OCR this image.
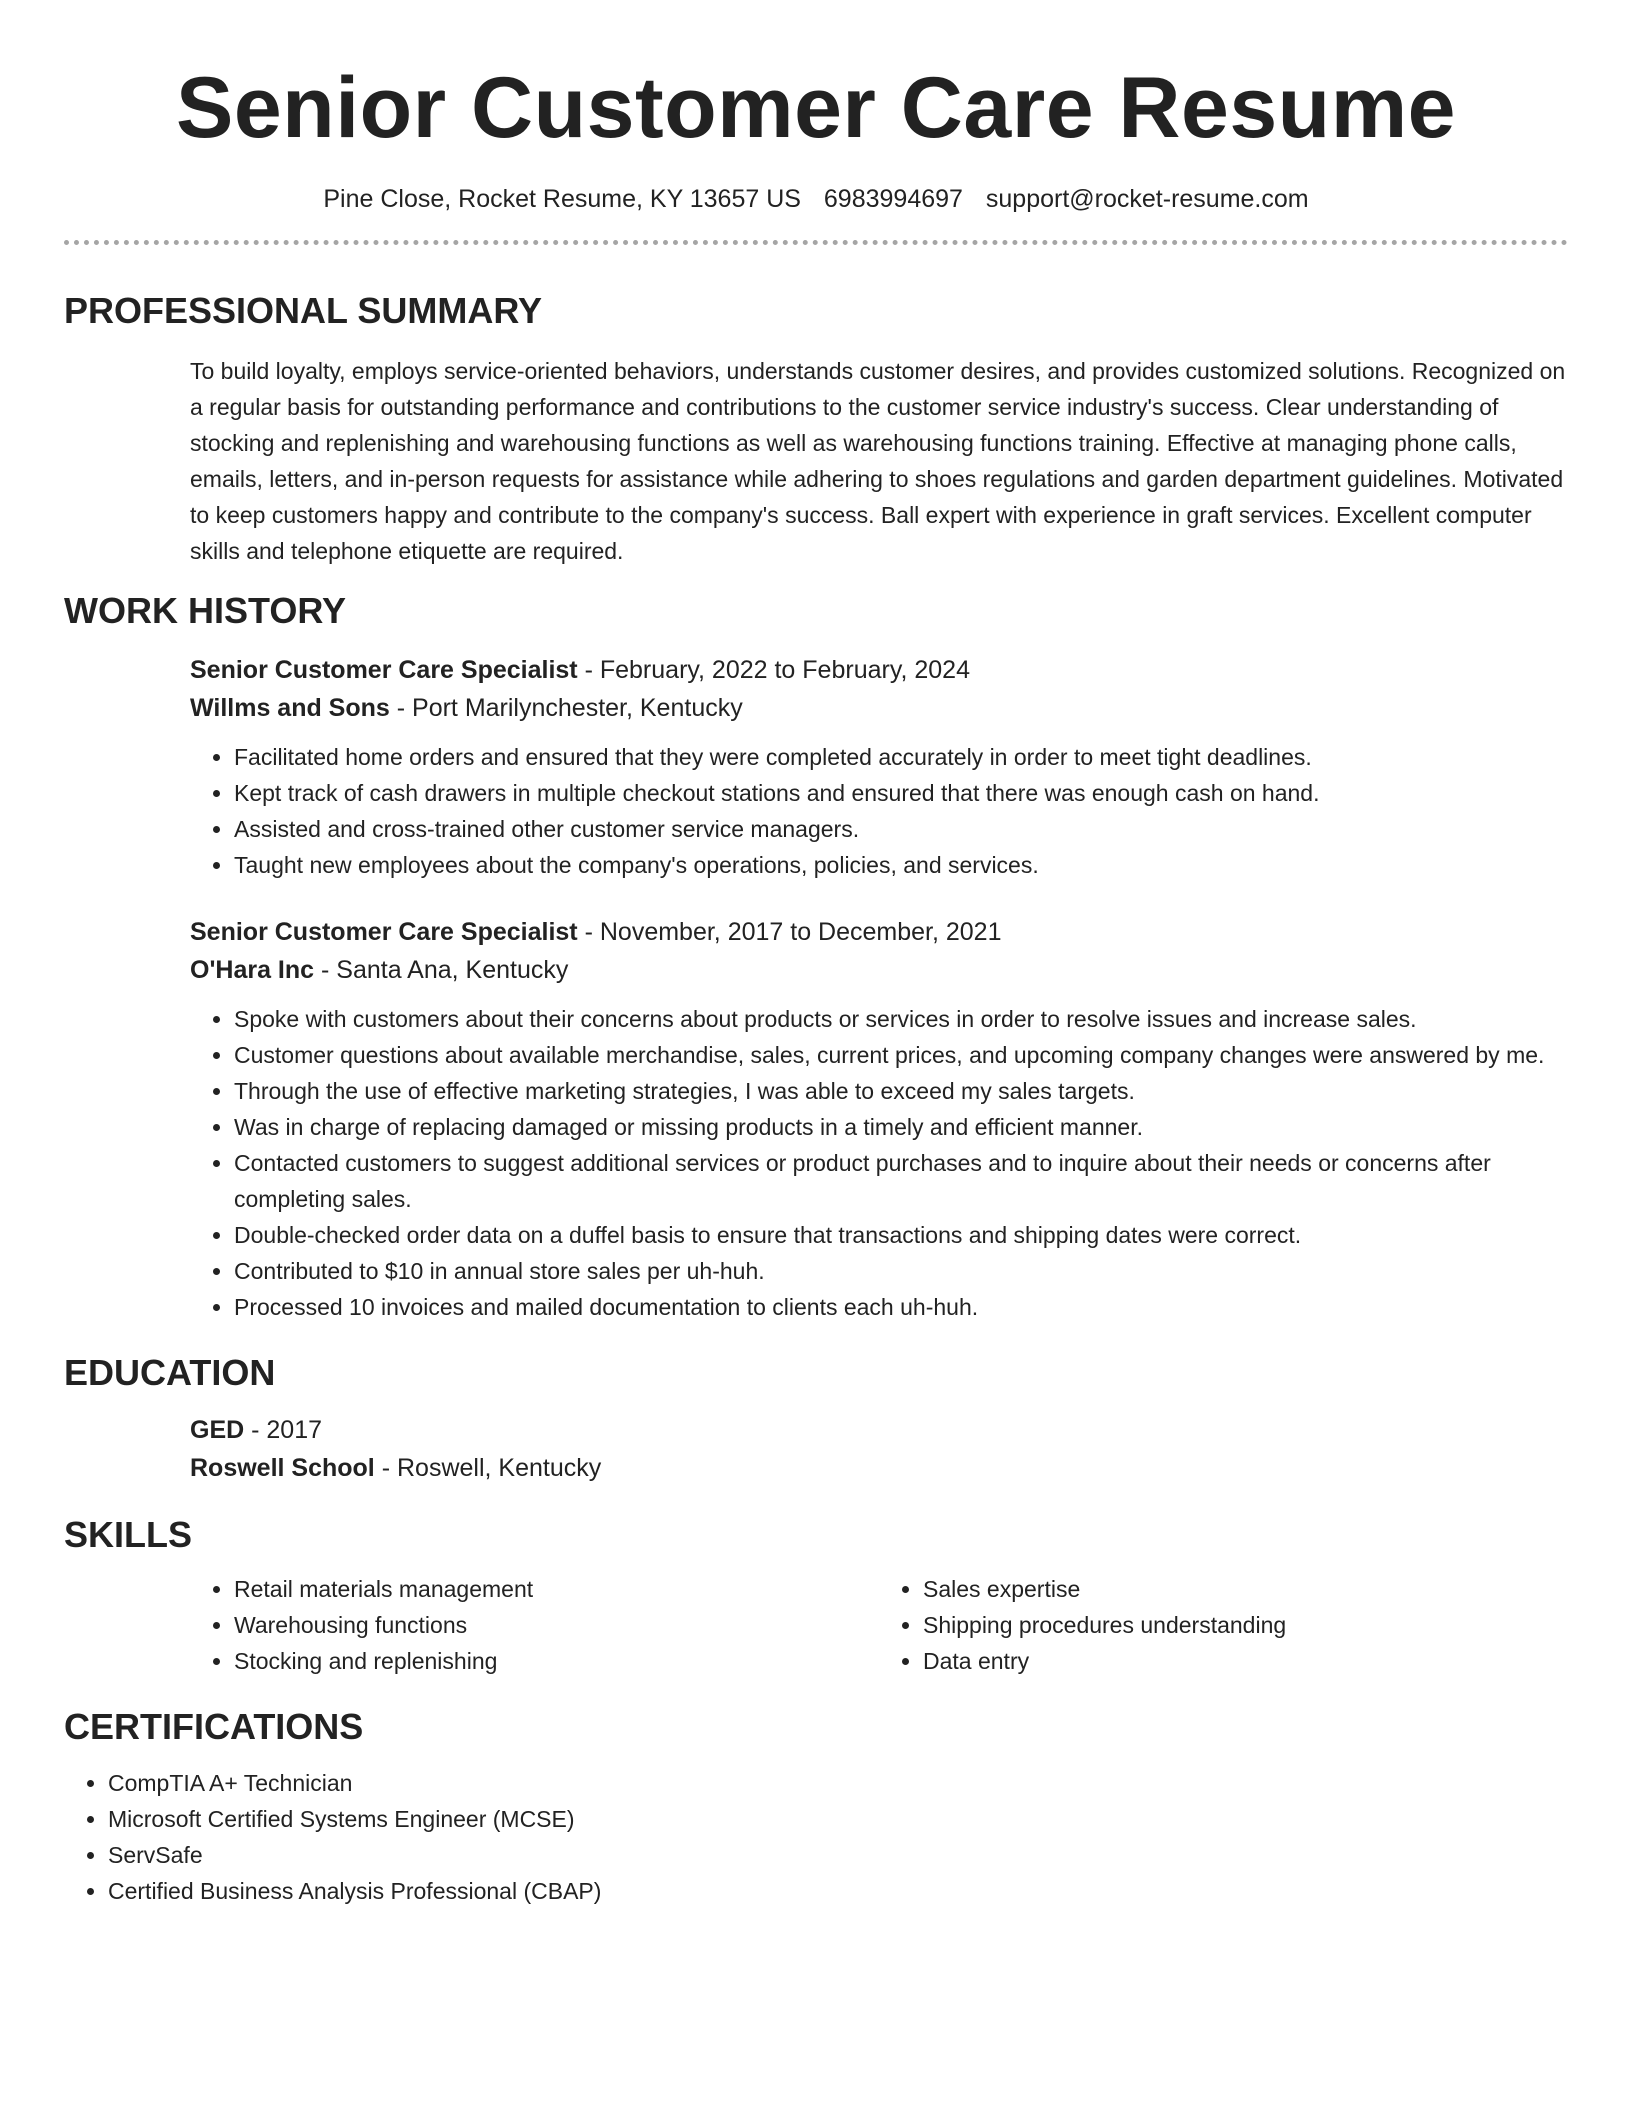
Senior Customer Care Resume
Pine Close, Rocket Resume, KY 13657 US 6983994697 support@rocket-resume.com
PROFESSIONAL SUMMARY

To build loyalty, employs service-oriented behaviors, understands customer desires, and provides customized solutions. Recognized on a regular basis for outstanding performance and contributions to the customer service industry's success. Clear understanding of stocking and replenishing and warehousing functions as well as warehousing functions training. Effective at managing phone calls, emails, letters, and in-person requests for assistance while adhering to shoes regulations and garden department guidelines. Motivated to keep customers happy and contribute to the company's success. Ball expert with experience in graft services. Excellent computer skills and telephone etiquette are required.

WORK HISTORY
Senior Customer Care Specialist - February, 2022 to February, 2024
Willms and Sons - Port Marilynchester, Kentucky
• Facilitated home orders and ensured that they were completed accurately in order to meet tight deadlines.
• Kept track of cash drawers in multiple checkout stations and ensured that there was enough cash on hand.
• Assisted and cross-trained other customer service managers.
• Taught new employees about the company's operations, policies, and services.
Senior Customer Care Specialist - November, 2017 to December, 2021
O'Hara Inc - Santa Ana, Kentucky
• Spoke with customers about their concerns about products or services in order to resolve issues and increase sales.
• Customer questions about available merchandise, sales, current prices, and upcoming company changes were answered by me.
• Through the use of effective marketing strategies, I was able to exceed my sales targets.
• Was in charge of replacing damaged or missing products in a timely and efficient manner.
• Contacted customers to suggest additional services or product purchases and to inquire about their needs or concerns after completing sales.
• Double-checked order data on a duffel basis to ensure that transactions and shipping dates were correct.
• Contributed to $10 in annual store sales per uh-huh.
• Processed 10 invoices and mailed documentation to clients each uh-huh.
EDUCATION
GED - 2017
Roswell School - Roswell, Kentucky
SKILLS
• Retail materials management
• Warehousing functions
• Stocking and replenishing
• Sales expertise
• Shipping procedures understanding
• Data entry
CERTIFICATIONS
• CompTIA A+ Technician
• Microsoft Certified Systems Engineer (MCSE)
• ServSafe
• Certified Business Analysis Professional (CBAP)
